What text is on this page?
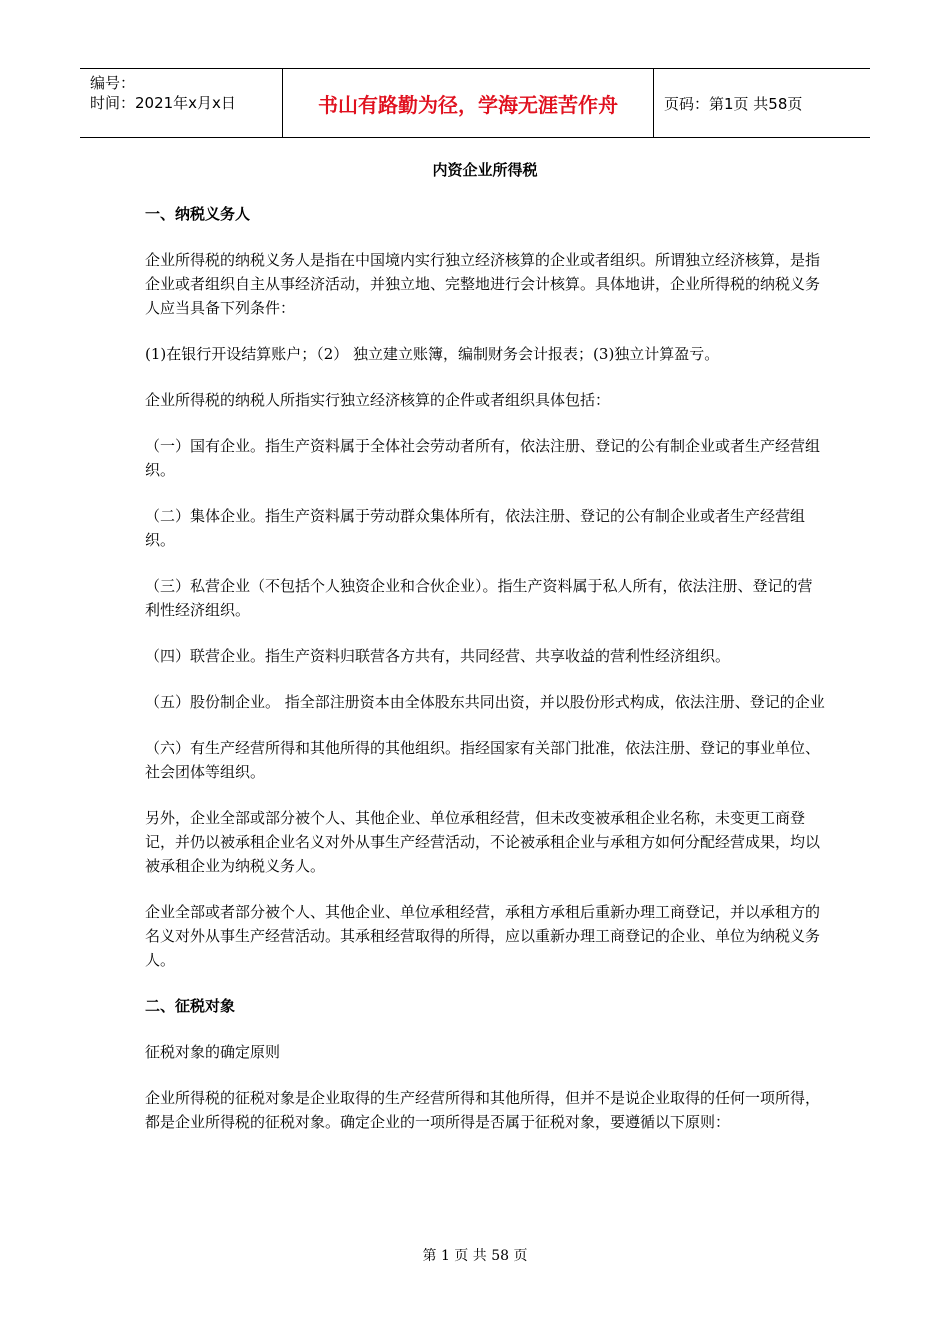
编号：
时间：2021年x月x日	书山有路勤为径，学海无涯苦作舟	页码：第1页 共58页
内资企业所得税
一、纳税义务人
企业所得税的纳税义务人是指在中国境内实行独立经济核算的企业或者组织。所谓独立经济核算，是指企业或者组织自主从事经济活动，并独立地、完整地进行会计核算。具体地讲，企业所得税的纳税义务人应当具备下列条件：
(1)在银行开设结算账户；（2） 独立建立账簿，编制财务会计报表；(3)独立计算盈亏。
企业所得税的纳税人所指实行独立经济核算的企件或者组织具体包括：
（一）国有企业。指生产资料属于全体社会劳动者所有，依法注册、登记的公有制企业或者生产经营组织。
（二）集体企业。指生产资料属于劳动群众集体所有，依法注册、登记的公有制企业或者生产经营组织。
（三）私营企业（不包括个人独资企业和合伙企业）。指生产资料属于私人所有，依法注册、登记的营利性经济组织。
（四）联营企业。指生产资料归联营各方共有，共同经营、共享收益的营利性经济组织。
（五）股份制企业。 指全部注册资本由全体股东共同出资，并以股份形式构成，依法注册、登记的企业
（六）有生产经营所得和其他所得的其他组织。指经国家有关部门批准，依法注册、登记的事业单位、社会团体等组织。
另外，企业全部或部分被个人、其他企业、单位承租经营，但未改变被承租企业名称，未变更工商登记，并仍以被承租企业名义对外从事生产经营活动，不论被承租企业与承租方如何分配经营成果，均以被承租企业为纳税义务人。
企业全部或者部分被个人、其他企业、单位承租经营，承租方承租后重新办理工商登记，并以承租方的名义对外从事生产经营活动。其承租经营取得的所得，应以重新办理工商登记的企业、单位为纳税义务人。
二、征税对象
征税对象的确定原则
企业所得税的征税对象是企业取得的生产经营所得和其他所得，但并不是说企业取得的任何一项所得，都是企业所得税的征税对象。确定企业的一项所得是否属于征税对象，要遵循以下原则：
第 1 页 共 58 页
